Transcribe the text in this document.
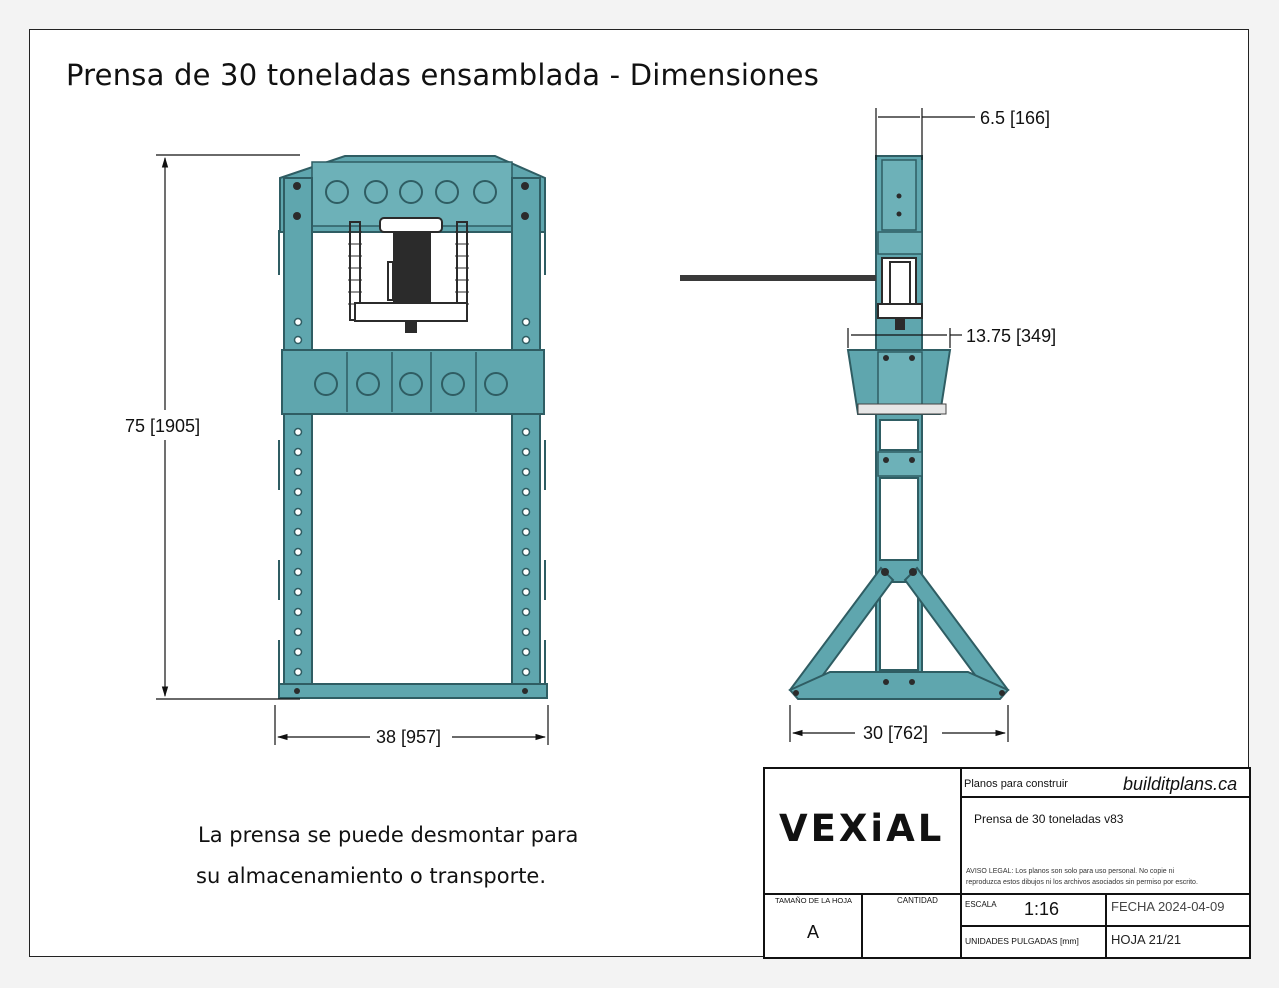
Prensa de 30 toneladas ensamblada - Dimensiones
75 [1905]
38 [957]
6.5 [166]
13.75 [349]
30 [762]
La prensa se puede desmontar para
su almacenamiento o transporte.
VEXiAL
Planos para construir	builditplans.ca
Prensa de 30 toneladas v83
AVISO LEGAL: Los planos son solo para uso personal. No copie ni
reproduzca estos dibujos ni los archivos asociados sin permiso por escrito.
TAMAÑO DE LA HOJA	CANTIDAD
A
ESCALA 1:16	FECHA 2024-04-09
UNIDADES PULGADAS [mm] HOJA 21/21
